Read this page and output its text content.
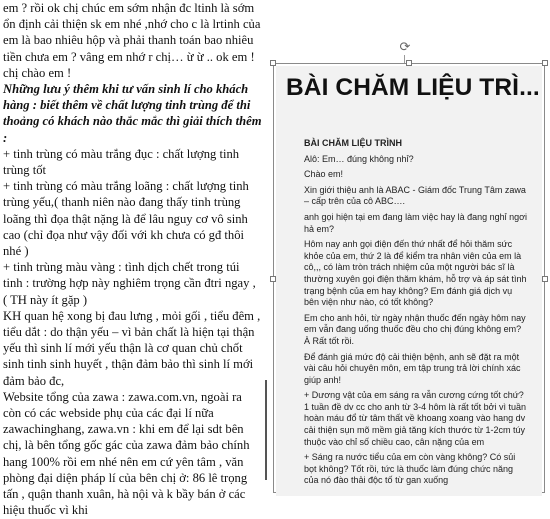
em ? rồi ok chị chúc em sớm nhận đc ltinh là sớm ổn định cải thiện sk em nhé ,nhớ cho c là lrtinh của em là bao nhiêu hộp và phải thanh toán bao nhiêu tiền chưa em ? vâng em nhớ r chị… ừ ừ .. ok em ! chị chào em !

Những lưu ý thêm khi tư vấn sinh lí cho khách hàng : biết thêm về chất lượng tinh trùng để thi thoảng có khách nào thắc mắc thì giải thích thêm :

+ tinh trùng có màu trắng đục : chất lượng tinh trùng tốt

+ tinh trùng có màu trắng loãng : chất lượng tinh trùng yếu,( thanh niên nào đang thấy tinh trùng loãng thì đọa thật nặng là để lâu nguy cơ vô sinh cao (chỉ đọa như vậy đối với kh chưa có gđ thôi nhé )

+ tinh trùng màu vàng : tình dịch chết trong túi tinh : trường hợp này nghiêm trọng cần đtri ngay , ( TH này ít gặp )

KH quan hệ xong bị đau lưng , mỏi gối , tiểu đêm , tiểu dắt : do thận yếu – vì bản chất là hiện tại thận yếu thì sinh lí mới yếu thận là cơ quan chủ chốt sinh tinh sinh huyết , thận đảm bảo thì sinh lí mới đảm bảo đc,

Website tổng của zawa : zawa.com.vn, ngoài ra còn có các webside phụ của các đại lí nữa zawachinghang, zawa.vn : khi em để lại sdt bên chị, là bên tổng gốc gác của zawa đảm bảo chính hang 100% rồi em nhé nên em cứ yên tâm , văn phòng đại diện pháp lí của bên chị ở: 86 lê trọng tấn , quận thanh xuân, hà nội và k bầy bán ở các hiệu thuốc vì khi

⟳
BÀI CHĂM LIỆU TRÌ...

BÀI CHĂM LIỆU TRÌNH

Alô: Em… đúng không nhỉ?

Chào em!

Xin giới thiệu anh là ABAC - Giám đốc Trung Tâm zawa – cấp trên của cô ABC….

anh gọi hiện tại em đang làm việc hay là đang nghỉ ngơi hả em?

Hôm nay anh gọi điện đến thứ nhất để hỏi thăm sức khỏe của em, thứ 2 là để kiểm tra nhân viên của em là cô,,, có làm tròn trách nhiệm của một người bác sĩ là thường xuyên gọi điện thăm khám, hỗ trợ và áp sát tình trạng bệnh của em hay không? Em đánh giá dịch vụ bên viện như nào, có tốt không?

Em cho anh hỏi, từ ngày nhận thuốc đến ngày hôm nay em vẫn đang uống thuốc đều cho chị đúng không em? À Rất tốt rồi.

Để đánh giá mức độ cải thiện bệnh, anh sẽ đặt ra một vài câu hỏi chuyên môn, em tập trung trả lời chính xác giúp anh!

+ Dương vật của em sáng ra vẫn cương cứng tốt chứ? 1 tuần đề dv cc cho anh từ 3-4 hôm là rất tốt bởi vì tuần hoàn máu đổ từ tâm thất về khoang xoang vào hang dv cải thiện sụn mõ mềm giả tăng kích thước từ 1-2cm túy thuộc vào chỉ số chiều cao, cân nặng của em

+ Sáng ra nước tiểu của em còn vàng không? Có sủi bọt không? Tốt rồi, tức là thuốc làm đúng chức năng của nó đào thải độc tố từ gan xuống
